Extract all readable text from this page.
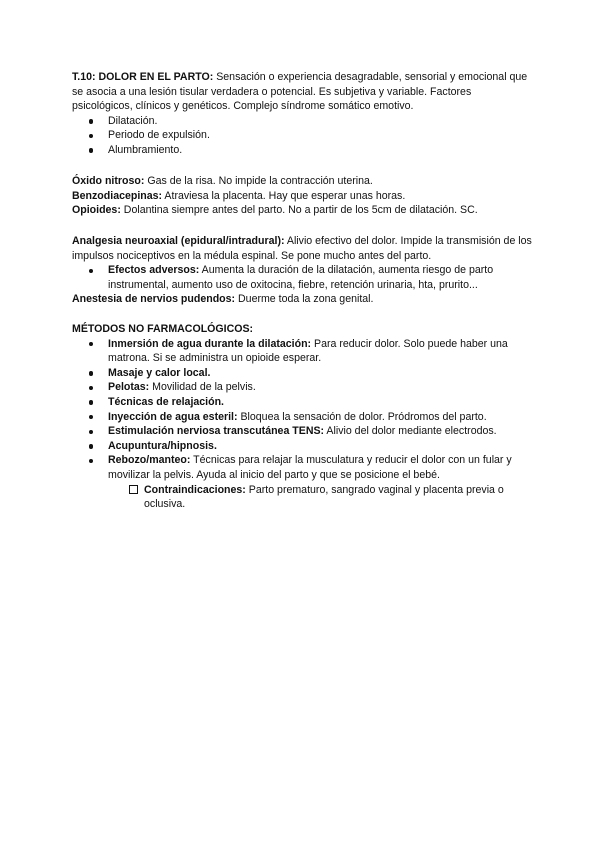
T.10: DOLOR EN EL PARTO: Sensación o experiencia desagradable, sensorial y emocional que se asocia a una lesión tisular verdadera o potencial. Es subjetiva y variable. Factores psicológicos, clínicos y genéticos. Complejo síndrome somático emotivo.

Dilatación.
Periodo de expulsión.
Alumbramiento.

Óxido nitroso: Gas de la risa. No impide la contracción uterina.

Benzodiacepinas: Atraviesa la placenta. Hay que esperar unas horas.

Opioides: Dolantina siempre antes del parto. No a partir de los 5cm de dilatación. SC.

Analgesia neuroaxial (epidural/intradural): Alivio efectivo del dolor. Impide la transmisión de los impulsos nociceptivos en la médula espinal. Se pone mucho antes del parto.

Efectos adversos: Aumenta la duración de la dilatación, aumenta riesgo de parto instrumental, aumento uso de oxitocina, fiebre, retención urinaria, hta, prurito...

Anestesia de nervios pudendos: Duerme toda la zona genital.

MÉTODOS NO FARMACOLÓGICOS:

Inmersión de agua durante la dilatación: Para reducir dolor. Solo puede haber una matrona. Si se administra un opioide esperar.
Masaje y calor local.
Pelotas: Movilidad de la pelvis.
Técnicas de relajación.
Inyección de agua esteril: Bloquea la sensación de dolor. Pródromos del parto.
Estimulación nerviosa transcutánea TENS: Alivio del dolor mediante electrodos.
Acupuntura/hipnosis.
Rebozo/manteo: Técnicas para relajar la musculatura y reducir el dolor con un fular y movilizar la pelvis. Ayuda al inicio del parto y que se posicione el bebé.
Contraindicaciones: Parto prematuro, sangrado vaginal y placenta previa o oclusiva.
